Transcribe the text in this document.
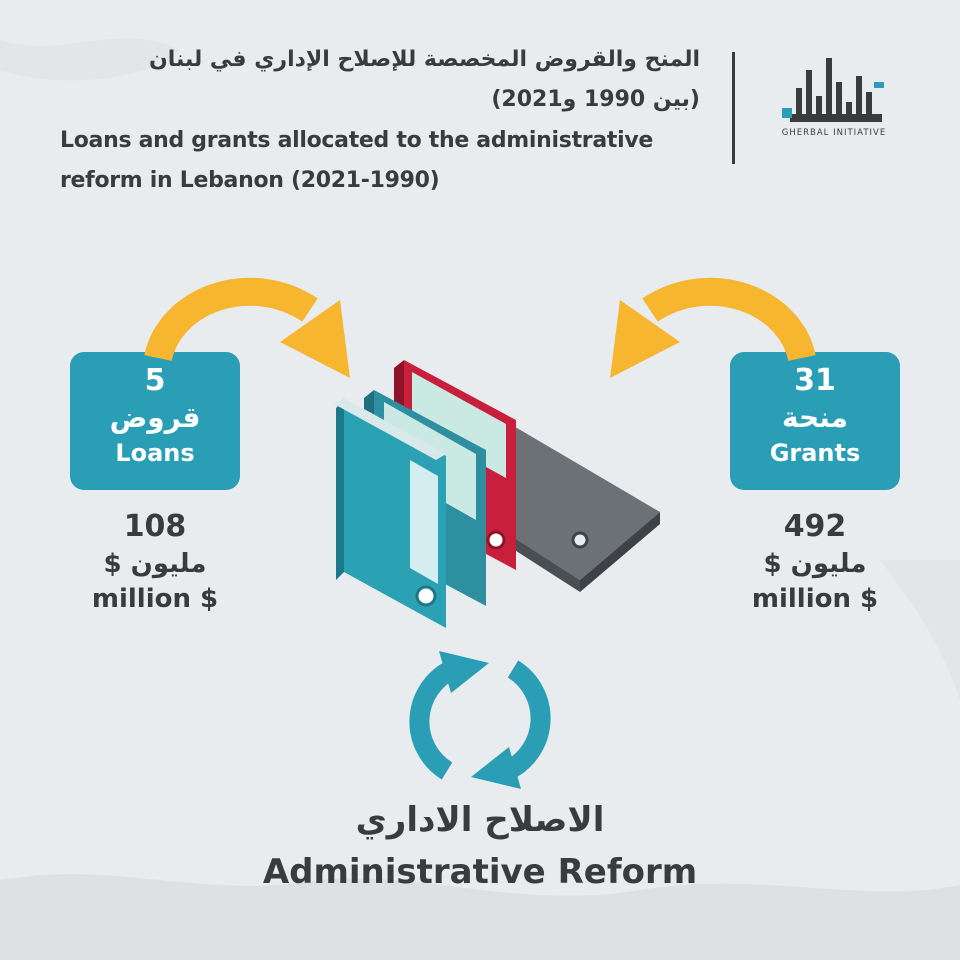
المنح والقروض المخصصة للإصلاح الإداري في لبنان
(بين 1990 و2021)
Loans and grants allocated to the administrative
reform in Lebanon (2021-1990)
GHERBAL INITIATIVE
5
قروض
Loans
31
منحة
Grants
108
مليون $
million $
492
مليون $
million $
الاصلاح الاداري
Administrative Reform
